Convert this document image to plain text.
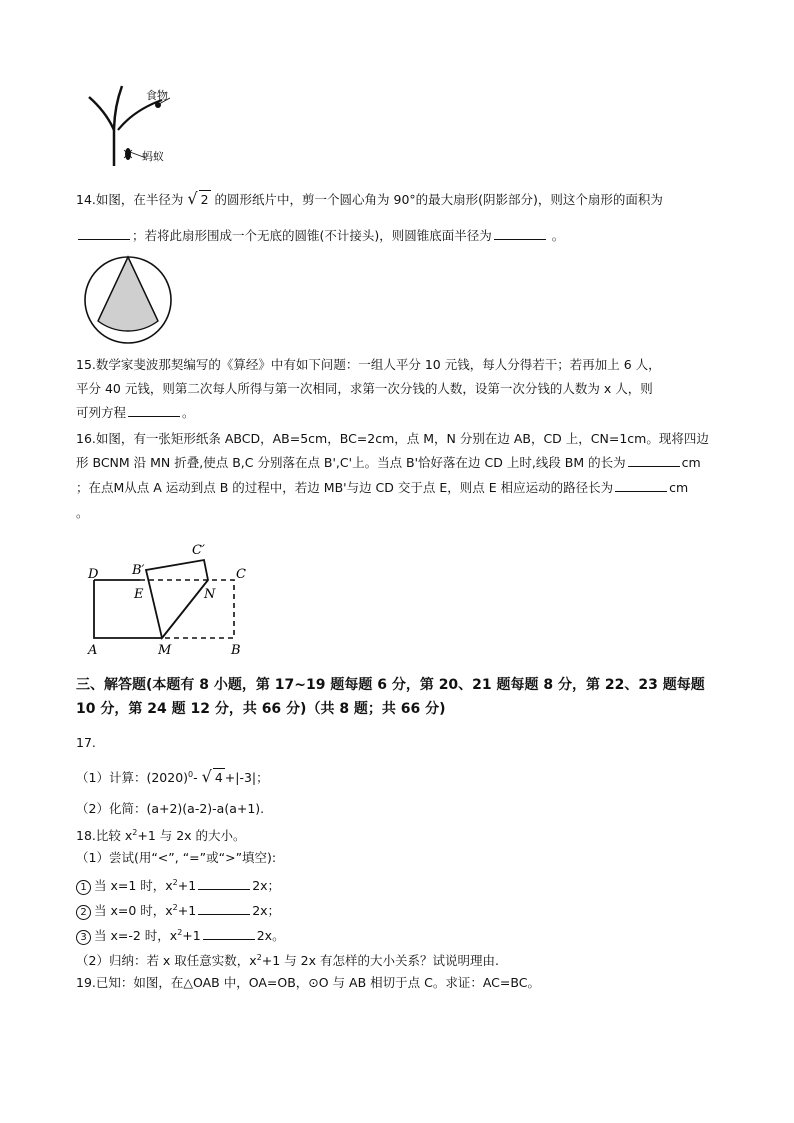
食物
蚂蚁
14.如图，在半径为 √ 2 的圆形纸片中，剪一个圆心角为 90°的最大扇形(阴影部分)，则这个扇形的面积为
；若将此扇形围成一个无底的圆锥(不计接头)，则圆锥底面半径为	。
15.数学家斐波那契编写的《算经》中有如下问题：一组人平分 10 元钱，每人分得若干；若再加上 6 人，
平分 40 元钱，则第二次每人所得与第一次相同，求第一次分钱的人数，设第一次分钱的人数为 x 人，则
可列方程	。
16.如图，有一张矩形纸条 ABCD，AB=5cm，BC=2cm，点 M，N 分别在边 AB，CD 上，CN=1cm。现将四边
形 BCNM 沿 MN 折叠,使点 B,C 分别落在点 B',C'上。当点 B'恰好落在边 CD 上时,线段 BM 的长为	cm
；在点M从点 A 运动到点 B 的过程中，若边 MB'与边 CD 交于点 E，则点 E 相应运动的路径长为	cm
。
D	B′
C′
C
E	N
A	M	B
三、解答题(本题有 8 小题，第 17~19 题每题 6 分，第 20、21 题每题 8 分，第 22、23 题每题
10 分，第 24 题 12 分，共 66 分)（共 8 题；共 66 分)
17.
（1）计算：$(2020)^0-$ √ 4 +|-3|；
（2）化简：(a+2)(a-2)-a(a+1).
18.比较 $x^2+1$ 与 2x 的大小。
（1）尝试(用“<”, “=”或“>”填空):
1 当 x=1 时，$x^2+1$	2x；
2 当 x=0 时，$x^2+1$	2x；
3 当 x=-2 时，$x^2+1$	2x。
（2）归纳：若 x 取任意实数，$x^2+1$ 与 2x 有怎样的大小关系？试说明理由.
19.已知：如图，在△OAB 中，OA=OB，⊙O 与 AB 相切于点 C。求证：AC=BC。
